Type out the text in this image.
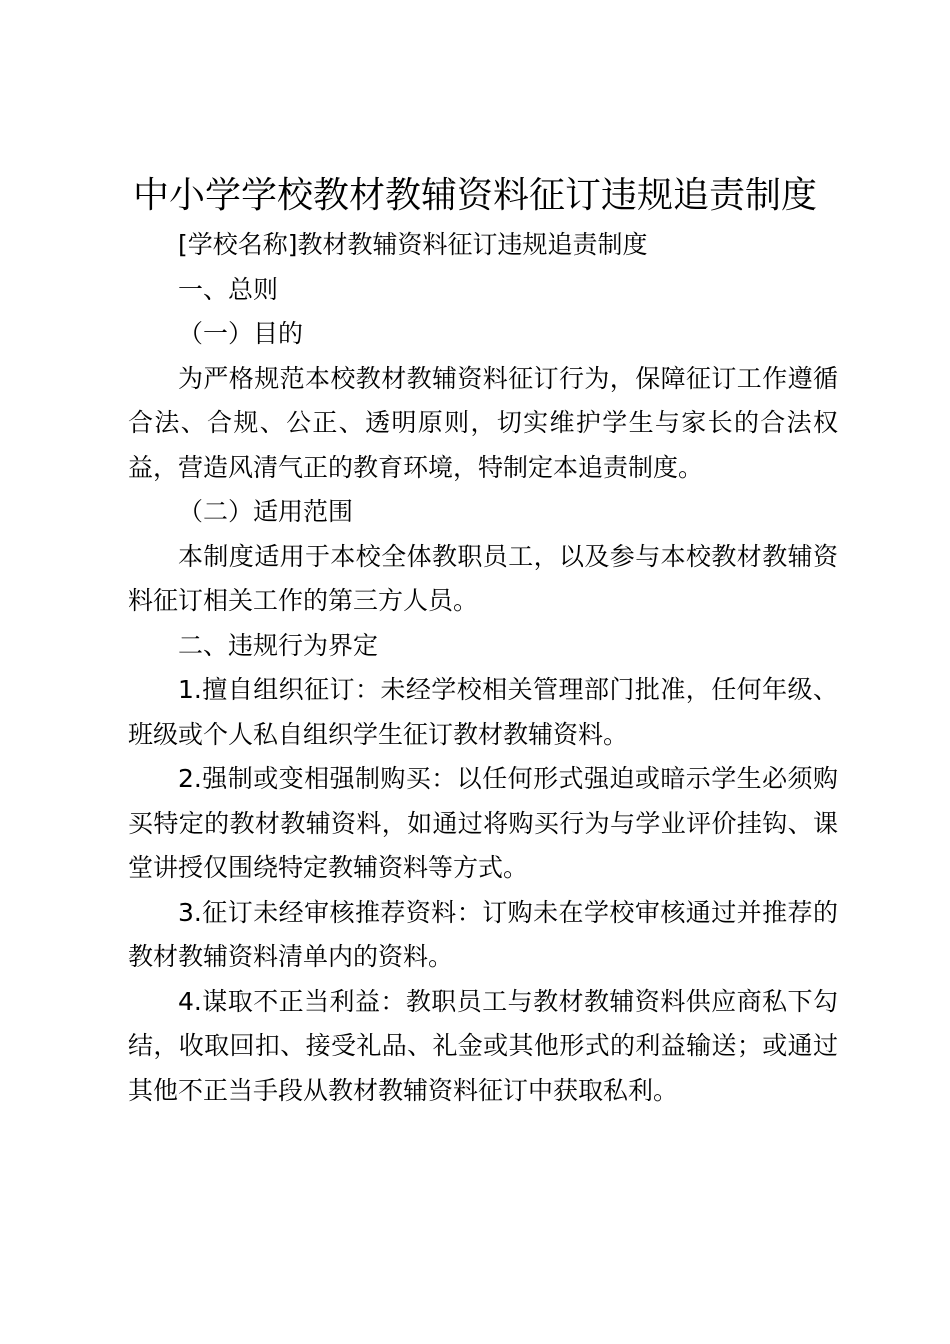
中小学学校教材教辅资料征订违规追责制度

[学校名称]教材教辅资料征订违规追责制度

一、总则

（一）目的

为严格规范本校教材教辅资料征订行为，保障征订工作遵循合法、合规、公正、透明原则，切实维护学生与家长的合法权益，营造风清气正的教育环境，特制定本追责制度。

（二）适用范围

本制度适用于本校全体教职员工，以及参与本校教材教辅资料征订相关工作的第三方人员。

二、违规行为界定

1.擅自组织征订：未经学校相关管理部门批准，任何年级、班级或个人私自组织学生征订教材教辅资料。

2.强制或变相强制购买：以任何形式强迫或暗示学生必须购买特定的教材教辅资料，如通过将购买行为与学业评价挂钩、课堂讲授仅围绕特定教辅资料等方式。

3.征订未经审核推荐资料：订购未在学校审核通过并推荐的教材教辅资料清单内的资料。

4.谋取不正当利益：教职员工与教材教辅资料供应商私下勾结，收取回扣、接受礼品、礼金或其他形式的利益输送；或通过其他不正当手段从教材教辅资料征订中获取私利。
